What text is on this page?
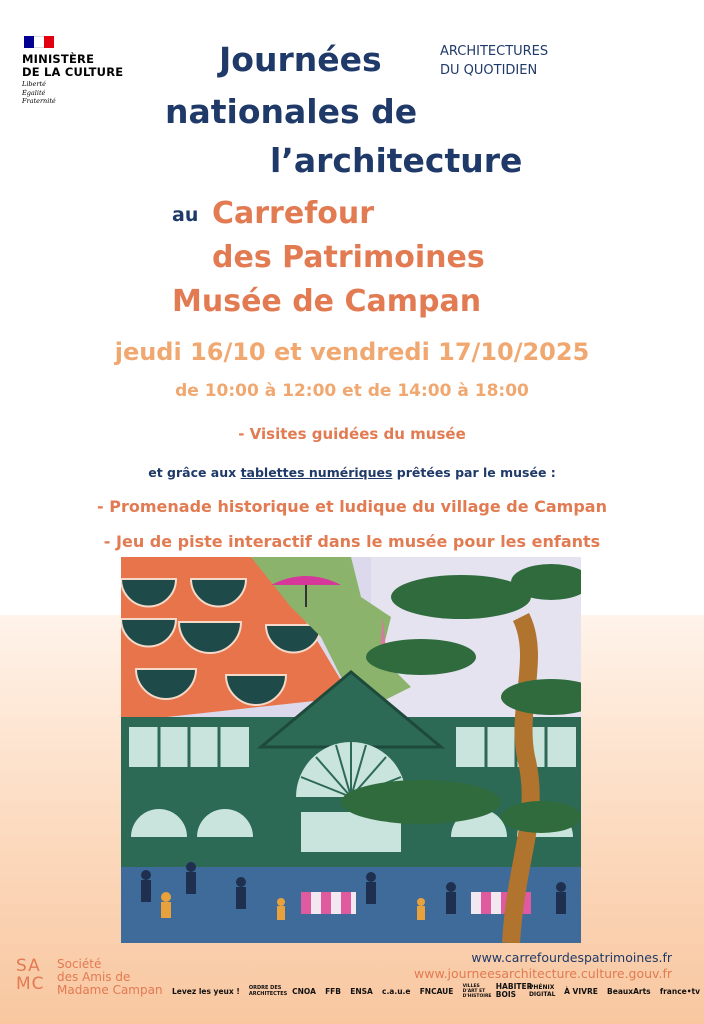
MINISTÈRE
DE LA CULTURE
Liberté
Égalité
Fraternité
Journées
nationales de
l’architecture
ARCHITECTURES
DU QUOTIDIEN
au Carrefour
des Patrimoines
Musée de Campan
jeudi 16/10 et vendredi 17/10/2025
de 10:00 à 12:00 et de 14:00 à 18:00
- Visites guidées du musée
et grâce aux tablettes numériques prêtées par le musée :
- Promenade historique et ludique du village de Campan
- Jeu de piste interactif dans le musée pour les enfants
www.carrefourdespatrimoines.fr
www.journeesarchitecture.culture.gouv.fr
SA
MC
Société
des Amis de
Madame Campan Levez les yeux ! ORDRE DES ARCHITECTES CNOA FFB ENSA c.a.u.e FNCAUE
VILLES D'ART ET D'HISTOIRE
HABITER BOIS
PHÉNIX DIGITAL À VIVRE BeauxArts france•tv
